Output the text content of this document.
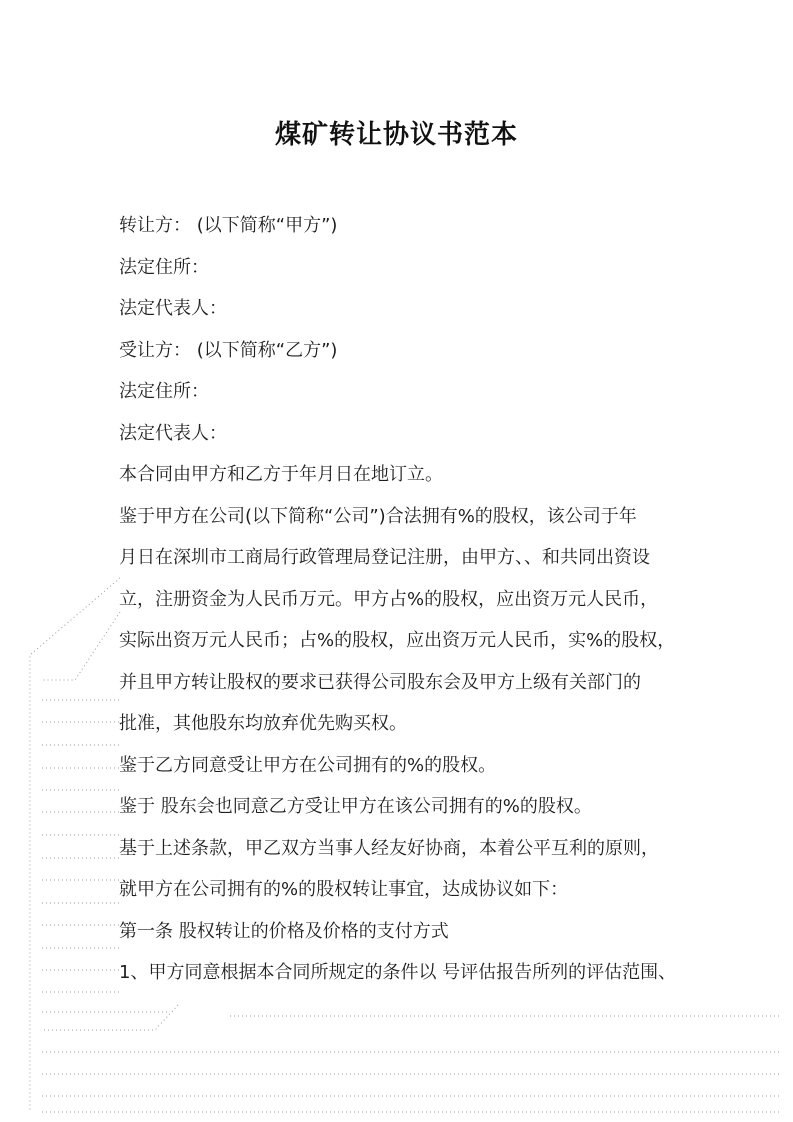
煤矿转让协议书范本
转让方： (以下简称“甲方”)
法定住所：
法定代表人：
受让方： (以下简称“乙方”)
法定住所：
法定代表人：
本合同由甲方和乙方于年月日在地订立。
鉴于甲方在公司(以下简称“公司”)合法拥有%的股权，该公司于年
月日在深圳市工商局行政管理局登记注册，由甲方、、和共同出资设
立，注册资金为人民币万元。甲方占%的股权，应出资万元人民币，
实际出资万元人民币；占%的股权，应出资万元人民币，实%的股权，
并且甲方转让股权的要求已获得公司股东会及甲方上级有关部门的
批准，其他股东均放弃优先购买权。
鉴于乙方同意受让甲方在公司拥有的%的股权。
鉴于 股东会也同意乙方受让甲方在该公司拥有的%的股权。
基于上述条款，甲乙双方当事人经友好协商，本着公平互利的原则，
就甲方在公司拥有的%的股权转让事宜，达成协议如下：
第一条 股权转让的价格及价格的支付方式
1、甲方同意根据本合同所规定的条件以 号评估报告所列的评估范围、
